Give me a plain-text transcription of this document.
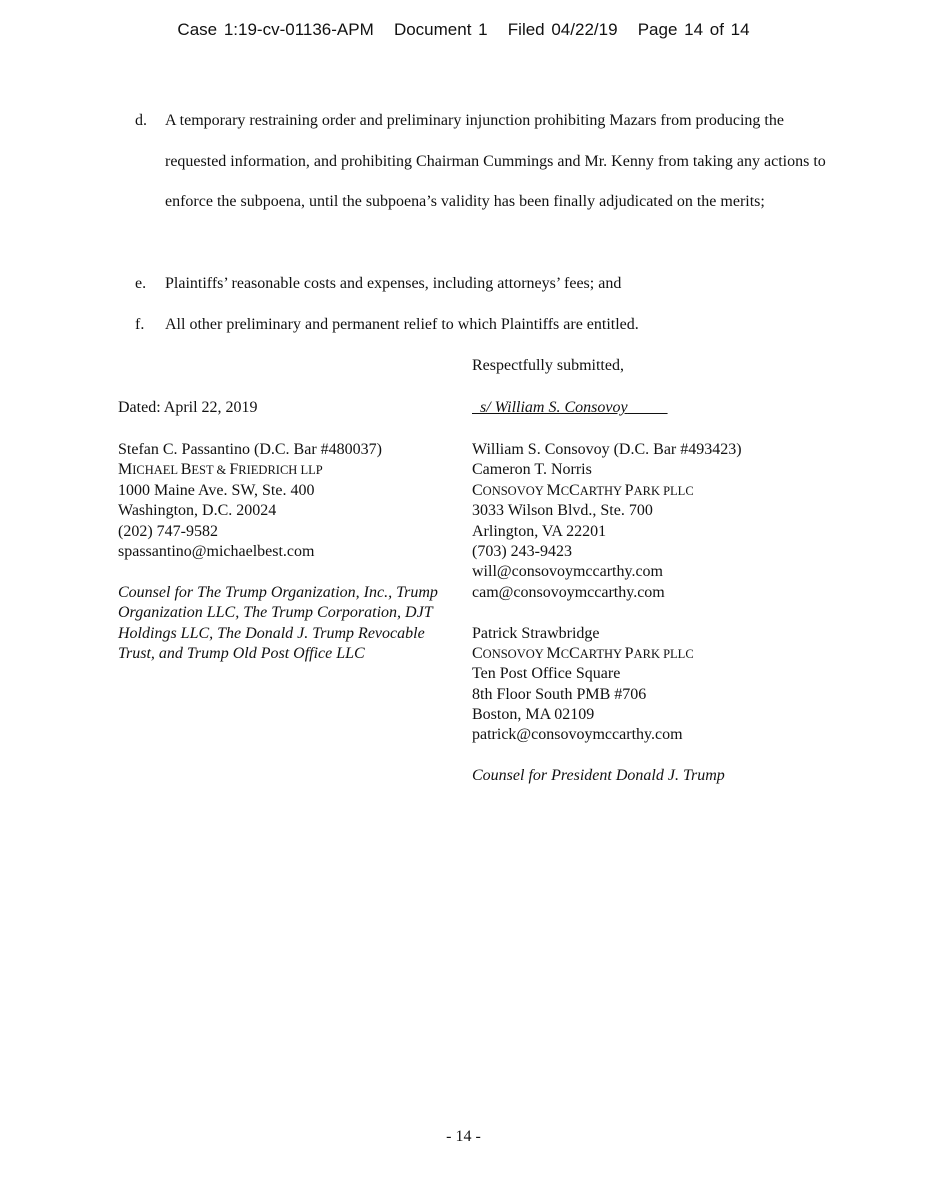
Case 1:19-cv-01136-APM Document 1 Filed 04/22/19 Page 14 of 14
d.	A temporary restraining order and preliminary injunction prohibiting Mazars from producing the requested information, and prohibiting Chairman Cummings and Mr. Kenny from taking any actions to enforce the subpoena, until the subpoena’s validity has been finally adjudicated on the merits;
e.	Plaintiffs’ reasonable costs and expenses, including attorneys’ fees; and
f.	All other preliminary and permanent relief to which Plaintiffs are entitled.
Respectfully submitted,
Dated: April 22, 2019	s/ William S. Consovoy
Stefan C. Passantino (D.C. Bar #480037)
MICHAEL BEST & FRIEDRICH LLP
1000 Maine Ave. SW, Ste. 400
Washington, D.C. 20024
(202) 747-9582
spassantino@michaelbest.com
Counsel for The Trump Organization, Inc., Trump
Organization LLC, The Trump Corporation, DJT
Holdings LLC, The Donald J. Trump Revocable
Trust, and Trump Old Post Office LLC
William S. Consovoy (D.C. Bar #493423)
Cameron T. Norris
CONSOVOY MCCARTHY PARK PLLC
3033 Wilson Blvd., Ste. 700
Arlington, VA 22201
(703) 243-9423
will@consovoymccarthy.com
cam@consovoymccarthy.com
Patrick Strawbridge
CONSOVOY MCCARTHY PARK PLLC
Ten Post Office Square
8th Floor South PMB #706
Boston, MA 02109
patrick@consovoymccarthy.com
Counsel for President Donald J. Trump
- 14 -
